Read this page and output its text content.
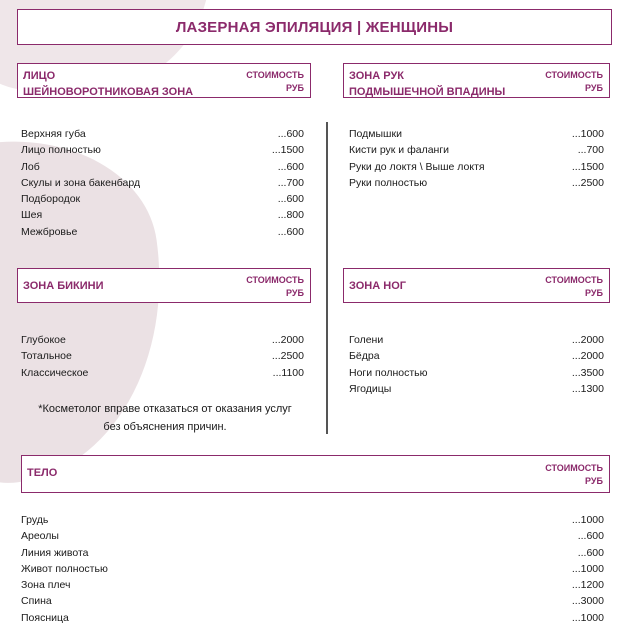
ЛАЗЕРНАЯ ЭПИЛЯЦИЯ | ЖЕНЩИНЫ
ЛИЦО
ШЕЙНОВОРОТНИКОВАЯ ЗОНА
СТОИМОСТЬ
РУБ
ЗОНА РУК
ПОДМЫШЕЧНОЙ ВПАДИНЫ
СТОИМОСТЬ
РУБ
Верхняя губа	...600
Лицо полностью	...1500
Лоб	...600
Скулы и зона бакенбард	...700
Подбородок	...600
Шея	...800
Межбровье	...600
Подмышки	...1000
Кисти рук и фаланги	...700
Руки до локтя \ Выше локтя	...1500
Руки полностью	...2500
ЗОНА БИКИНИ	СТОИМОСТЬ
РУБ
ЗОНА НОГ	СТОИМОСТЬ
РУБ
Глубокое	...2000
Тотальное	...2500
Классическое	...1100
Голени	...2000
Бёдра	...2000
Ноги полностью	...3500
Ягодицы	...1300
*Косметолог вправе отказаться от оказания услуг
без объяснения причин.
ТЕЛО	СТОИМОСТЬ
РУБ
Грудь	...1000
Ареолы	...600
Линия живота	...600
Живот полностью	...1000
Зона плеч	...1200
Спина	...3000
Поясница	...1000
